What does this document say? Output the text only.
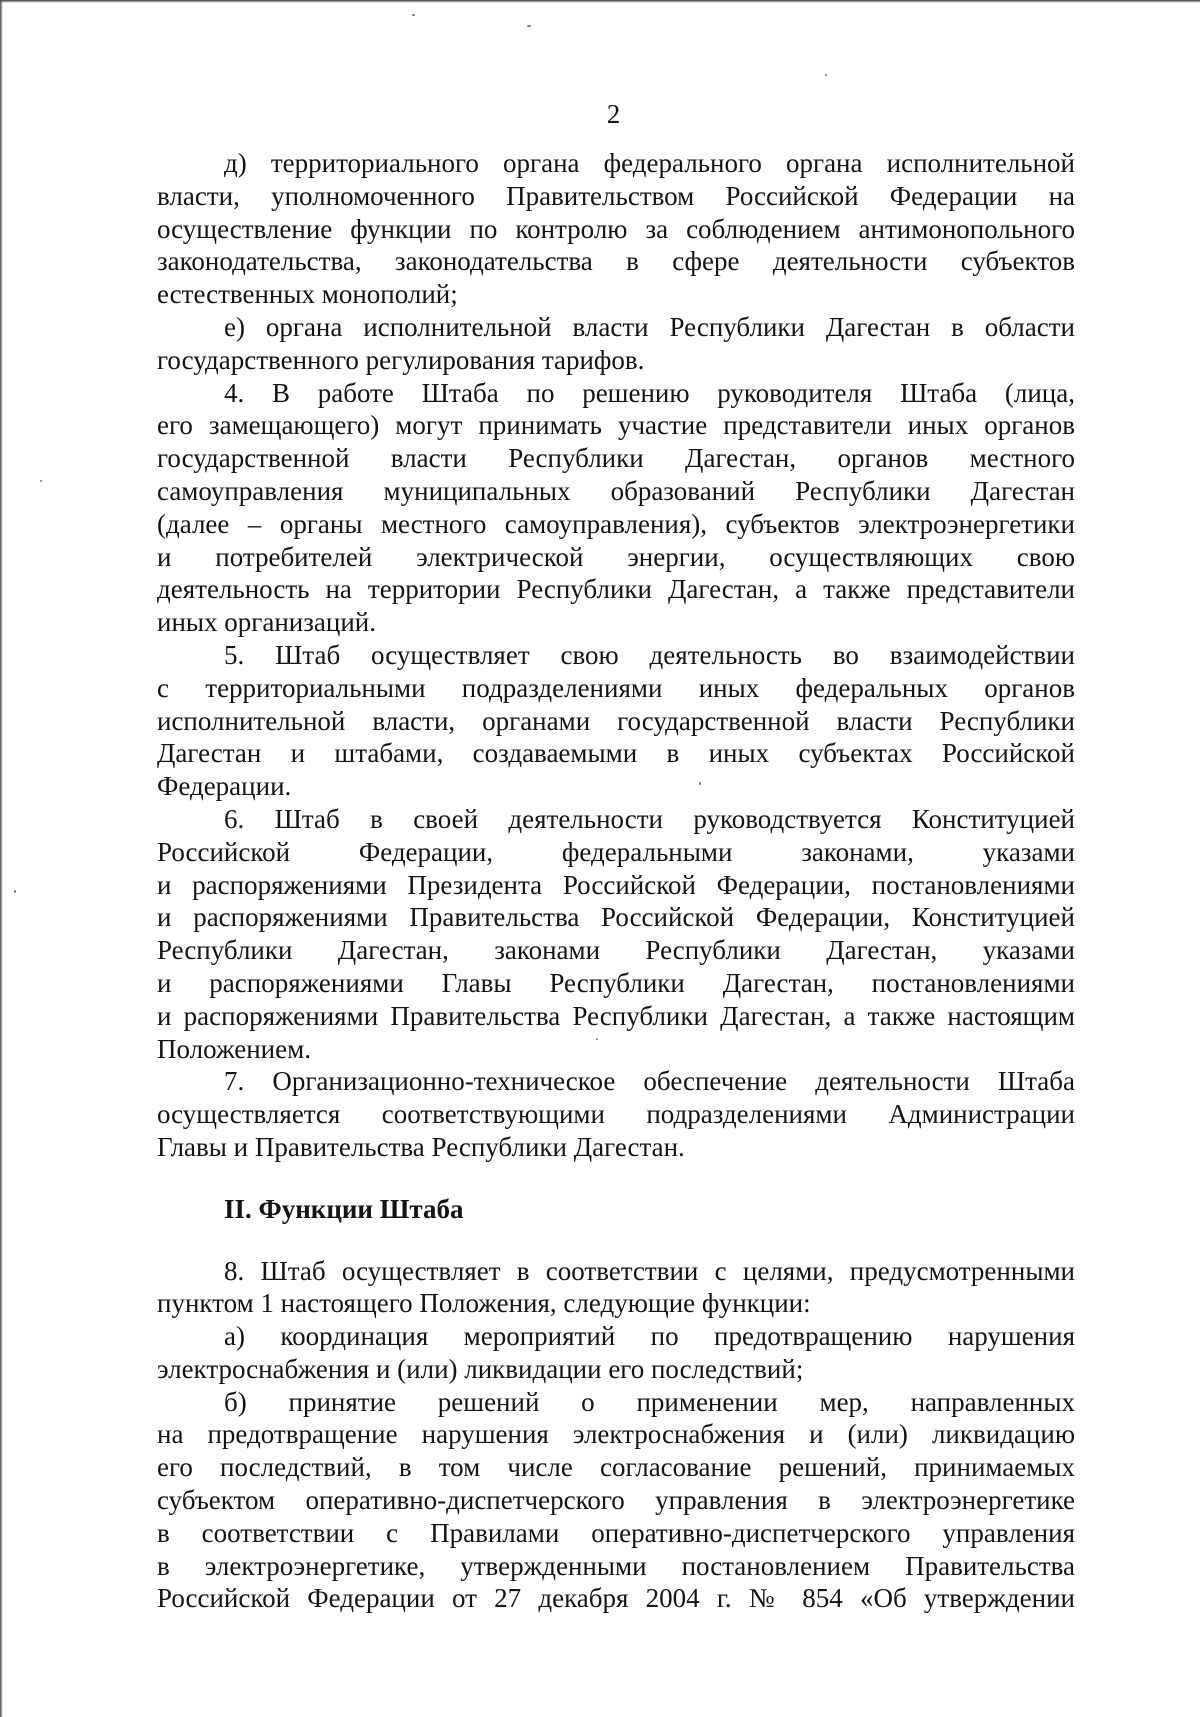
2
д) территориального органа федерального органа исполнительной
власти, уполномоченного Правительством Российской Федерации на
осуществление функции по контролю за соблюдением антимонопольного
законодательства, законодательства в сфере деятельности субъектов
естественных монополий;
е) органа исполнительной власти Республики Дагестан в области
государственного регулирования тарифов.
4. В работе Штаба по решению руководителя Штаба (лица,
его замещающего) могут принимать участие представители иных органов
государственной власти Республики Дагестан, органов местного
самоуправления муниципальных образований Республики Дагестан
(далее – органы местного самоуправления), субъектов электроэнергетики
и потребителей электрической энергии, осуществляющих свою
деятельность на территории Республики Дагестан, а также представители
иных организаций.
5. Штаб осуществляет свою деятельность во взаимодействии
с территориальными подразделениями иных федеральных органов
исполнительной власти, органами государственной власти Республики
Дагестан и штабами, создаваемыми в иных субъектах Российской
Федерации.
6. Штаб в своей деятельности руководствуется Конституцией
Российской Федерации, федеральными законами, указами
и распоряжениями Президента Российской Федерации, постановлениями
и распоряжениями Правительства Российской Федерации, Конституцией
Республики Дагестан, законами Республики Дагестан, указами
и распоряжениями Главы Республики Дагестан, постановлениями
и распоряжениями Правительства Республики Дагестан, а также настоящим
Положением.
7. Организационно-техническое обеспечение деятельности Штаба
осуществляется соответствующими подразделениями Администрации
Главы и Правительства Республики Дагестан.

II. Функции Штаба

8. Штаб осуществляет в соответствии с целями, предусмотренными
пунктом 1 настоящего Положения, следующие функции:
а) координация мероприятий по предотвращению нарушения
электроснабжения и (или) ликвидации его последствий;
б) принятие решений о применении мер, направленных
на предотвращение нарушения электроснабжения и (или) ликвидацию
его последствий, в том числе согласование решений, принимаемых
субъектом оперативно-диспетчерского управления в электроэнергетике
в соответствии с Правилами оперативно-диспетчерского управления
в электроэнергетике, утвержденными постановлением Правительства
Российской Федерации от 27 декабря 2004 г. № 854 «Об утверждении
